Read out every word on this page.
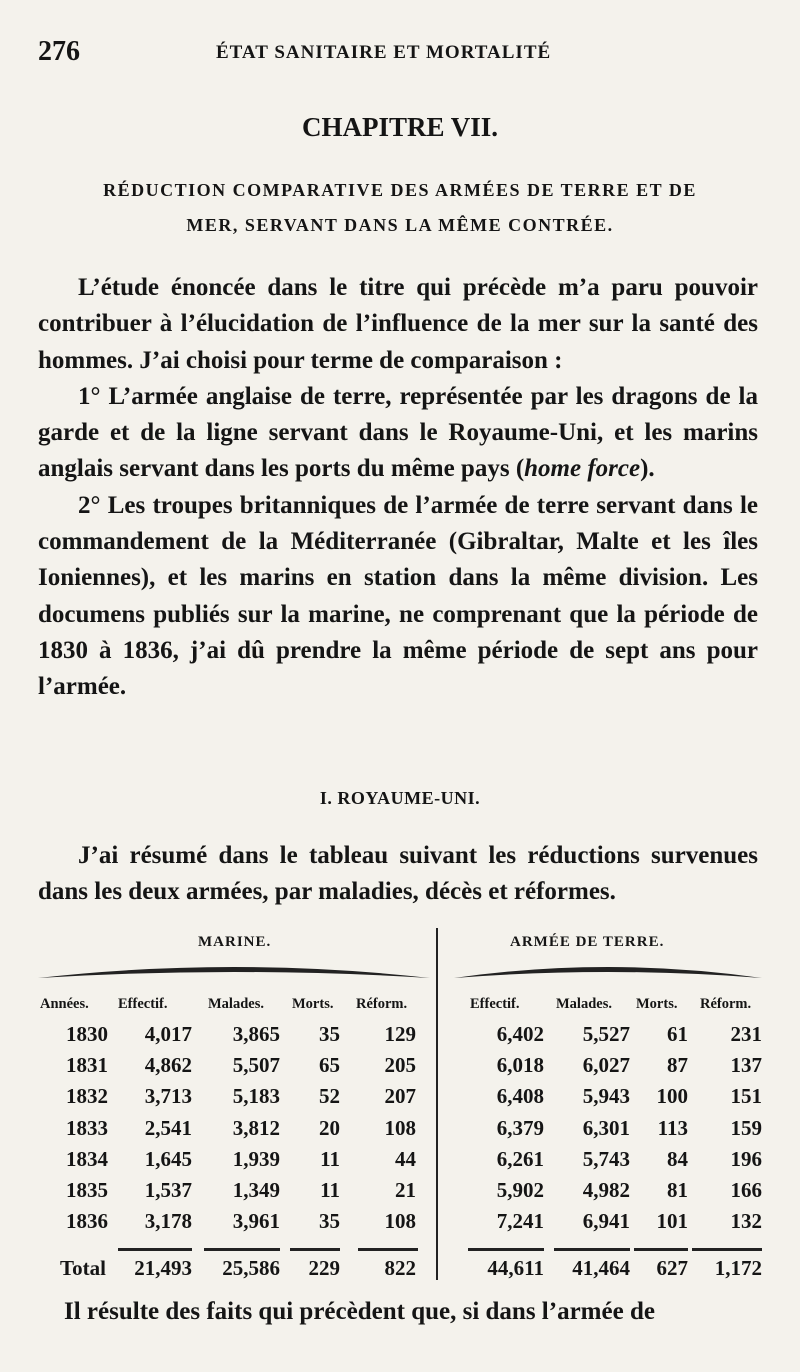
276	ÉTAT SANITAIRE ET MORTALITÉ
CHAPITRE VII.
RÉDUCTION COMPARATIVE DES ARMÉES DE TERRE ET DE
MER, SERVANT DANS LA MÊME CONTRÉE.

L’étude énoncée dans le titre qui précède m’a paru pouvoir contribuer à l’élucidation de l’influence de la mer sur la santé des hommes. J’ai choisi pour terme de comparaison :

1° L’armée anglaise de terre, représentée par les dragons de la garde et de la ligne servant dans le Royaume-Uni, et les marins anglais servant dans les ports du même pays (home force).

2° Les troupes britanniques de l’armée de terre servant dans le commandement de la Méditerranée (Gibraltar, Malte et les îles Ioniennes), et les marins en station dans la même division. Les documens publiés sur la marine, ne comprenant que la période de 1830 à 1836, j’ai dû prendre la même période de sept ans pour l’armée.

I. ROYAUME-UNI.

J’ai résumé dans le tableau suivant les réductions survenues dans les deux armées, par maladies, décès et réformes.

MARINE.	ARMÉE DE TERRE.
Années. Effectif.	Malades. Morts. Réform.	Effectif.	Malades. Morts. Réform.
1830	4,017	3,865	35	129	6,402	5,527	61	231
1831	4,862	5,507	65	205	6,018	6,027	87	137
1832	3,713	5,183	52	207	6,408	5,943	100	151
1833	2,541	3,812	20	108	6,379	6,301	113	159
1834	1,645	1,939	11	44	6,261	5,743	84	196
1835	1,537	1,349	11	21	5,902	4,982	81	166
1836	3,178	3,961	35	108	7,241	6,941	101	132
Total	21,493	25,586	229	822	44,611	41,464	627	1,172
Il résulte des faits qui précèdent que, si dans l’armée de
